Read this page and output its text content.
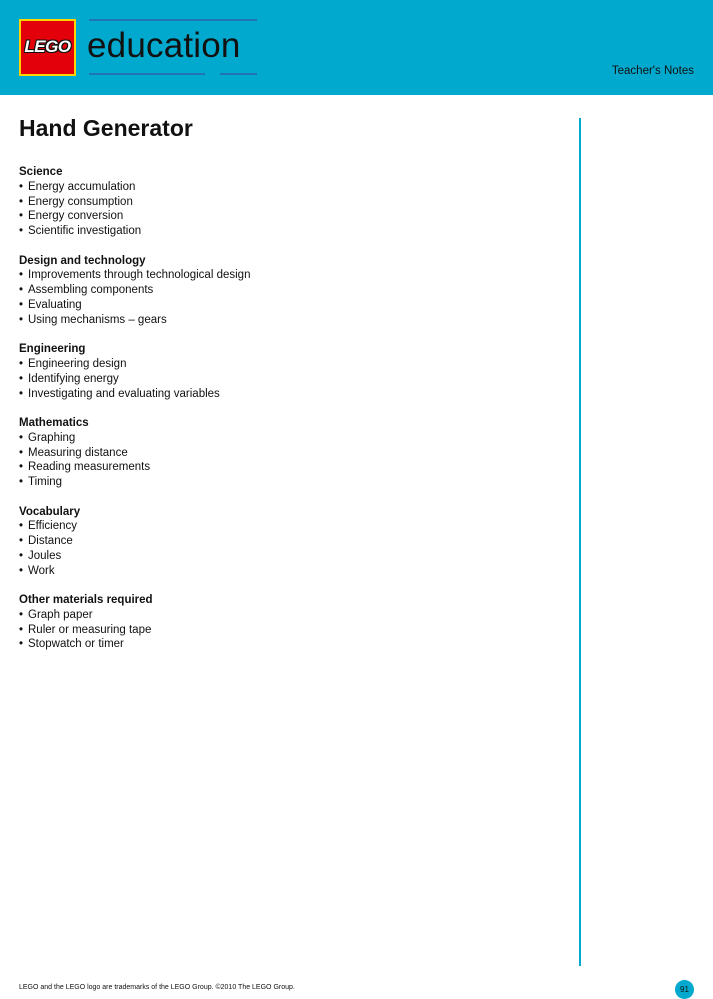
LEGO education
Teacher's Notes
Hand Generator
Science
• Energy accumulation
• Energy consumption
• Energy conversion
• Scientific investigation
Design and technology
• Improvements through technological design
• Assembling components
• Evaluating
• Using mechanisms – gears
Engineering
• Engineering design
• Identifying energy
• Investigating and evaluating variables
Mathematics
• Graphing
• Measuring distance
• Reading measurements
• Timing
Vocabulary
• Efficiency
• Distance
• Joules
• Work
Other materials required
• Graph paper
• Ruler or measuring tape
• Stopwatch or timer
LEGO and the LEGO logo are trademarks of the LEGO Group. ©2010 The LEGO Group.	91
